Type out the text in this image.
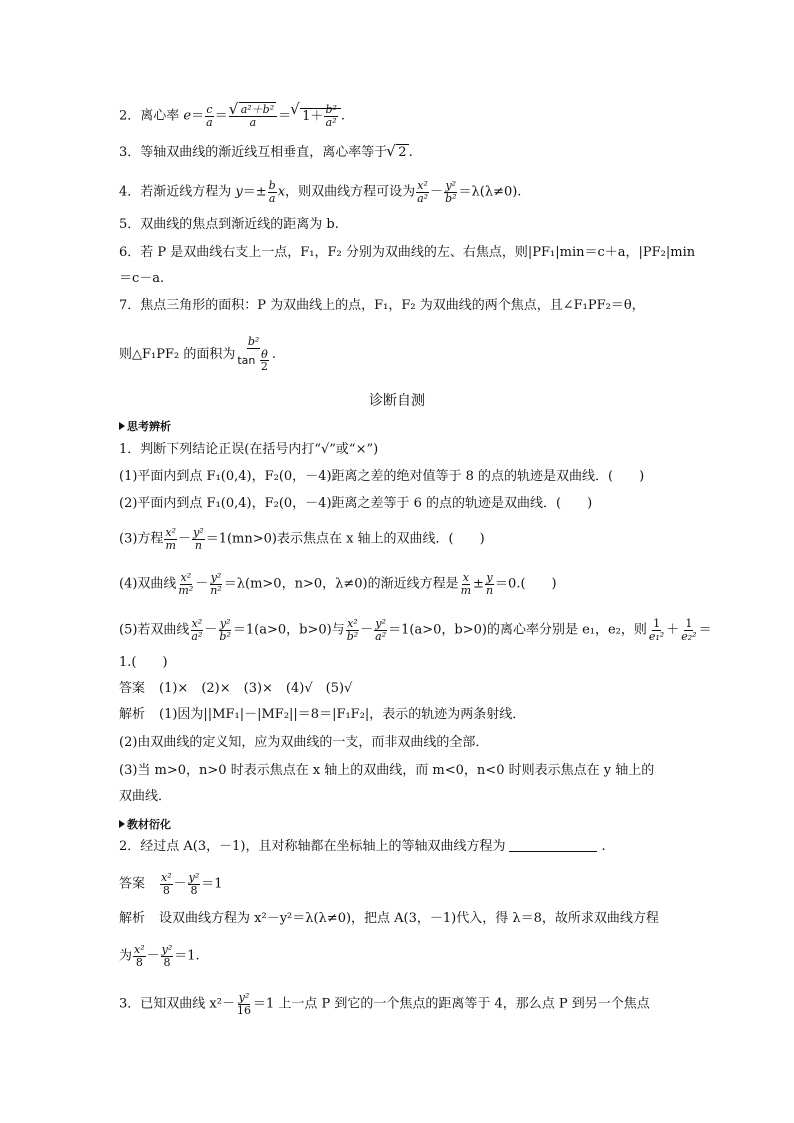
2．离心率 $e= \frac{c}{a}$ ＝ √ $\frac{\text{a²＋b²}}{a}$ ＝ √ $1+ \frac{\text{b²}}{\text{a²}}$ .
3．等轴双曲线的渐近线互相垂直，离心率等于 √ 2 .
4．若渐近线方程为 $y=\pm \frac{b}{a}$ x，则双曲线方程可设为 $\frac{\text{x²}}{\text{a²}} - \frac{\text{y²}}{\text{b²}} =\lambda(\lambda\ne 0)$.
5．双曲线的焦点到渐近线的距离为 b.
6．若 P 是双曲线右支上一点，F₁，F₂ 分别为双曲线的左、右焦点，则|PF₁|min＝c＋a，|PF₂|min
＝c－a.
7．焦点三角形的面积：P 为双曲线上的点，F₁，F₂ 为双曲线的两个焦点，且∠F₁PF₂＝θ，
则△F₁PF₂ 的面积为 $\frac{\text{b²}}{\tan \frac{\theta}{2}}$ .
诊断自测
思考辨析
1．判断下列结论正误(在括号内打“√”或“×”)
(1)平面内到点 F₁(0,4)，F₂(0，－4)距离之差的绝对值等于 8 的点的轨迹是双曲线．(　　)
(2)平面内到点 F₁(0,4)，F₂(0，－4)距离之差等于 6 的点的轨迹是双曲线．(　　)
(3)方程 $\frac{\text{x²}}{m} - \frac{\text{y²}}{n} =1(mn>0)$表示焦点在 x 轴上的双曲线．(　　)
(4)双曲线 $\frac{\text{x²}}{\text{m²}} - \frac{\text{y²}}{\text{n²}} =\lambda(m>0$，n>0，λ≠0)的渐近线方程是 $\frac{x}{m} \pm \frac{y}{n} =0$.(　　)
(5)若双曲线 $\frac{\text{x²}}{\text{a²}} - \frac{\text{y²}}{\text{b²}} =1(a>0$，b>0)与 $\frac{\text{x²}}{\text{b²}} - \frac{\text{y²}}{\text{a²}} =1(a>0$，b>0)的离心率分别是 e₁，e₂，则 $\frac{1}{\text{e₁²}} + \frac{1}{\text{e₂²}}$ ＝
1.(　　)
答案 (1)×　(2)×　(3)×　(4)√　(5)√
解析 (1)因为||MF₁|－|MF₂||＝8＝|F₁F₂|，表示的轨迹为两条射线．
(2)由双曲线的定义知，应为双曲线的一支，而非双曲线的全部．
(3)当 m>0，n>0 时表示焦点在 x 轴上的双曲线，而 m<0，n<0 时则表示焦点在 y 轴上的
双曲线．
教材衍化
2．经过点 A(3，－1)，且对称轴都在坐标轴上的等轴双曲线方程为	.
答案 $\frac{\text{x²}}{8} - \frac{\text{y²}}{8} =1$
解析 设双曲线方程为 x²－y²＝λ(λ≠0)，把点 A(3，－1)代入，得 λ＝8，故所求双曲线方程
为 $\frac{\text{x²}}{8} - \frac{\text{y²}}{8} =1$.
3．已知双曲线 $x^2- \frac{\text{y²}}{16} =1$ 上一点 P 到它的一个焦点的距离等于 4，那么点 P 到另一个焦点
